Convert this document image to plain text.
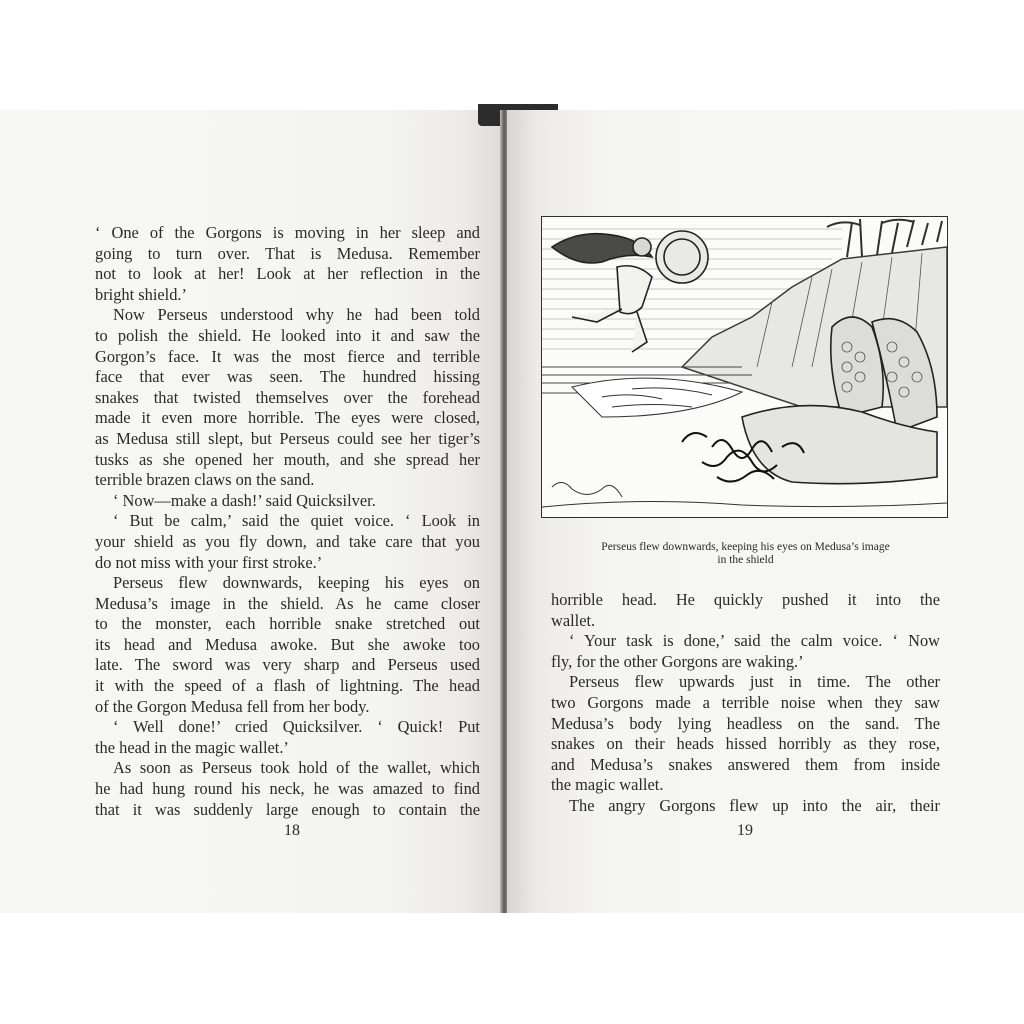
‘ One of the Gorgons is moving in her sleep and
going to turn over. That is Medusa. Remember
not to look at her! Look at her reflection in the
bright shield.’
Now Perseus understood why he had been told
to polish the shield. He looked into it and saw the
Gorgon’s face. It was the most fierce and terrible
face that ever was seen. The hundred hissing
snakes that twisted themselves over the forehead
made it even more horrible. The eyes were closed,
as Medusa still slept, but Perseus could see her tiger’s
tusks as she opened her mouth, and she spread her
terrible brazen claws on the sand.
‘ Now—make a dash!’ said Quicksilver.
‘ But be calm,’ said the quiet voice. ‘ Look in
your shield as you fly down, and take care that you
do not miss with your first stroke.’
Perseus flew downwards, keeping his eyes on
Medusa’s image in the shield. As he came closer
to the monster, each horrible snake stretched out
its head and Medusa awoke. But she awoke too
late. The sword was very sharp and Perseus used
it with the speed of a flash of lightning. The head
of the Gorgon Medusa fell from her body.
‘ Well done!’ cried Quicksilver. ‘ Quick! Put
the head in the magic wallet.’
As soon as Perseus took hold of the wallet, which
he had hung round his neck, he was amazed to find
that it was suddenly large enough to contain the
18
Perseus flew downwards, keeping his eyes on Medusa’s image
in the shield
horrible head. He quickly pushed it into the
wallet.
‘ Your task is done,’ said the calm voice. ‘ Now
fly, for the other Gorgons are waking.’
Perseus flew upwards just in time. The other
two Gorgons made a terrible noise when they saw
Medusa’s body lying headless on the sand. The
snakes on their heads hissed horribly as they rose,
and Medusa’s snakes answered them from inside
the magic wallet.
The angry Gorgons flew up into the air, their
19
